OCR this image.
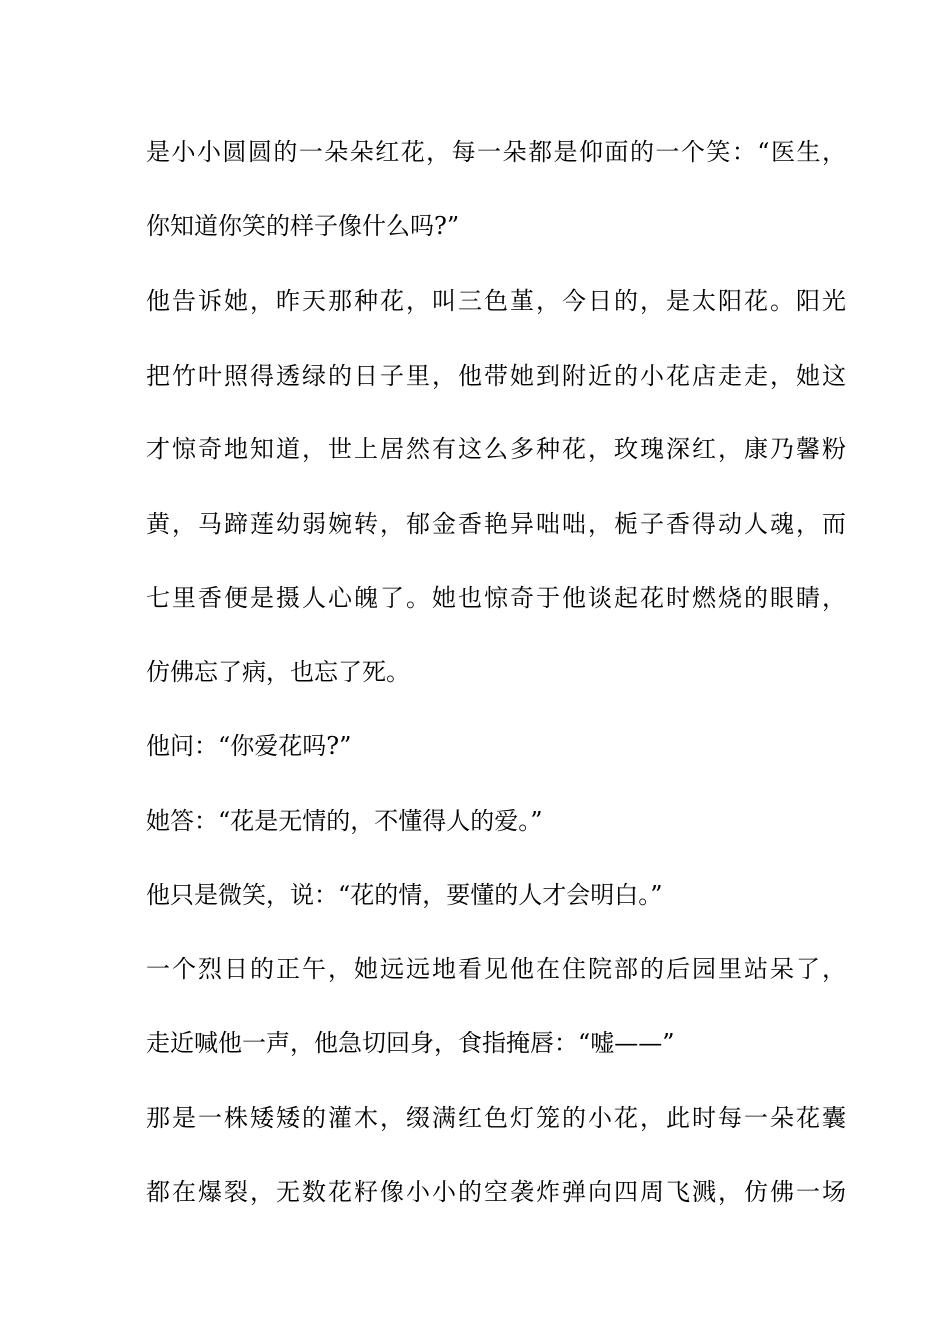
是小小圆圆的一朵朵红花，每一朵都是仰面的一个笑：“医生，
你知道你笑的样子像什么吗?”
他告诉她，昨天那种花，叫三色堇，今日的，是太阳花。阳光
把竹叶照得透绿的日子里，他带她到附近的小花店走走，她这
才惊奇地知道，世上居然有这么多种花，玫瑰深红，康乃馨粉
黄，马蹄莲幼弱婉转，郁金香艳异咄咄，栀子香得动人魂，而
七里香便是摄人心魄了。她也惊奇于他谈起花时燃烧的眼睛，
仿佛忘了病，也忘了死。
他问：“你爱花吗?”
她答：“花是无情的，不懂得人的爱。”
他只是微笑，说：“花的情，要懂的人才会明白。”
一个烈日的正午，她远远地看见他在住院部的后园里站呆了，
走近喊他一声，他急切回身，食指掩唇：“嘘——”
那是一株矮矮的灌木，缀满红色灯笼的小花，此时每一朵花囊
都在爆裂，无数花籽像小小的空袭炸弹向四周飞溅，仿佛一场
